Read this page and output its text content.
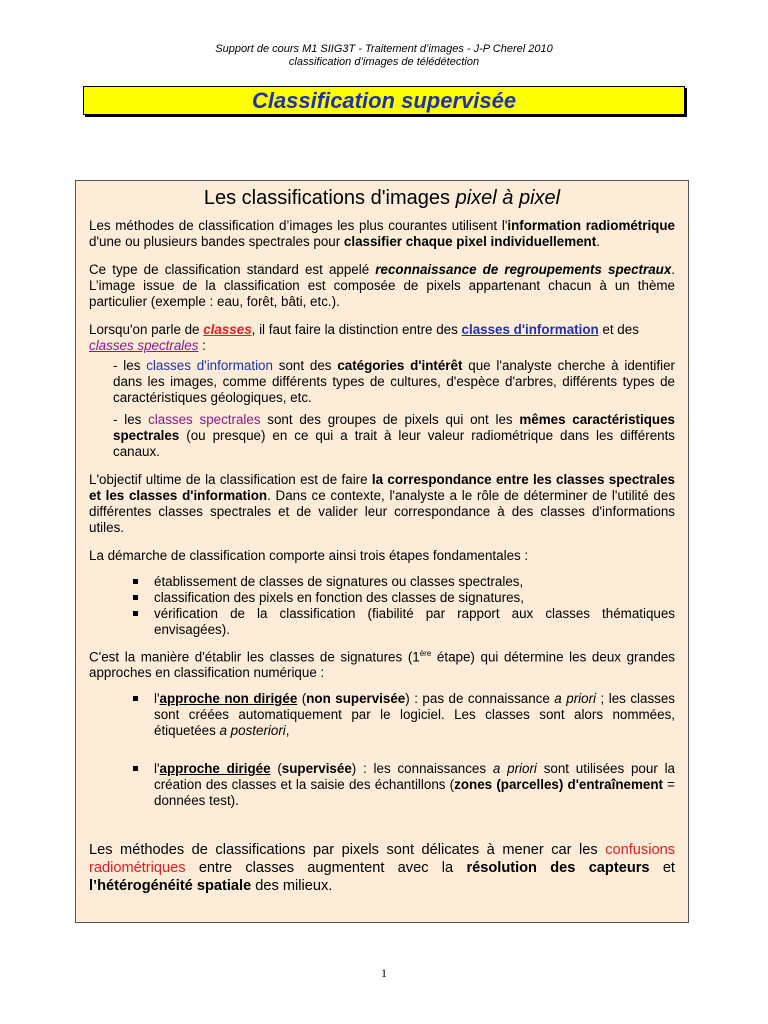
Support de cours M1 SIIG3T - Traitement d’images - J-P Cherel 2010
classification d’images de télédétection
Classification supervisée
Les classifications d'images pixel à pixel

Les méthodes de classification d’images les plus courantes utilisent l'information radiométrique d'une ou plusieurs bandes spectrales pour classifier chaque pixel individuellement.

Ce type de classification standard est appelé reconnaissance de regroupements spectraux. L’image issue de la classification est composée de pixels appartenant chacun à un thème particulier (exemple : eau, forêt, bâti, etc.).

Lorsqu'on parle de classes, il faut faire la distinction entre des classes d'information et des
classes spectrales :

- les classes d'information sont des catégories d'intérêt que l'analyste cherche à identifier dans les images, comme différents types de cultures, d'espèce d'arbres, différents types de caractéristiques géologiques, etc.

- les classes spectrales sont des groupes de pixels qui ont les mêmes caractéristiques spectrales (ou presque) en ce qui a trait à leur valeur radiométrique dans les différents canaux.

L'objectif ultime de la classification est de faire la correspondance entre les classes spectrales et les classes d'information. Dans ce contexte, l'analyste a le rôle de déterminer de l'utilité des différentes classes spectrales et de valider leur correspondance à des classes d'informations utiles.

La démarche de classification comporte ainsi trois étapes fondamentales :

établissement de classes de signatures ou classes spectrales,
classification des pixels en fonction des classes de signatures,
vérification de la classification (fiabilité par rapport aux classes thématiques envisagées).

C'est la manière d'établir les classes de signatures (1ère étape) qui détermine les deux grandes approches en classification numérique :

l'approche non dirigée (non supervisée) : pas de connaissance a priori ; les classes sont créées automatiquement par le logiciel. Les classes sont alors nommées, étiquetées a posteriori,
l'approche dirigée (supervisée) : les connaissances a priori sont utilisées pour la création des classes et la saisie des échantillons (zones (parcelles) d'entraînement = données test).

Les méthodes de classifications par pixels sont délicates à mener car les confusions radiométriques entre classes augmentent avec la résolution des capteurs et l’hétérogénéité spatiale des milieux.

1
